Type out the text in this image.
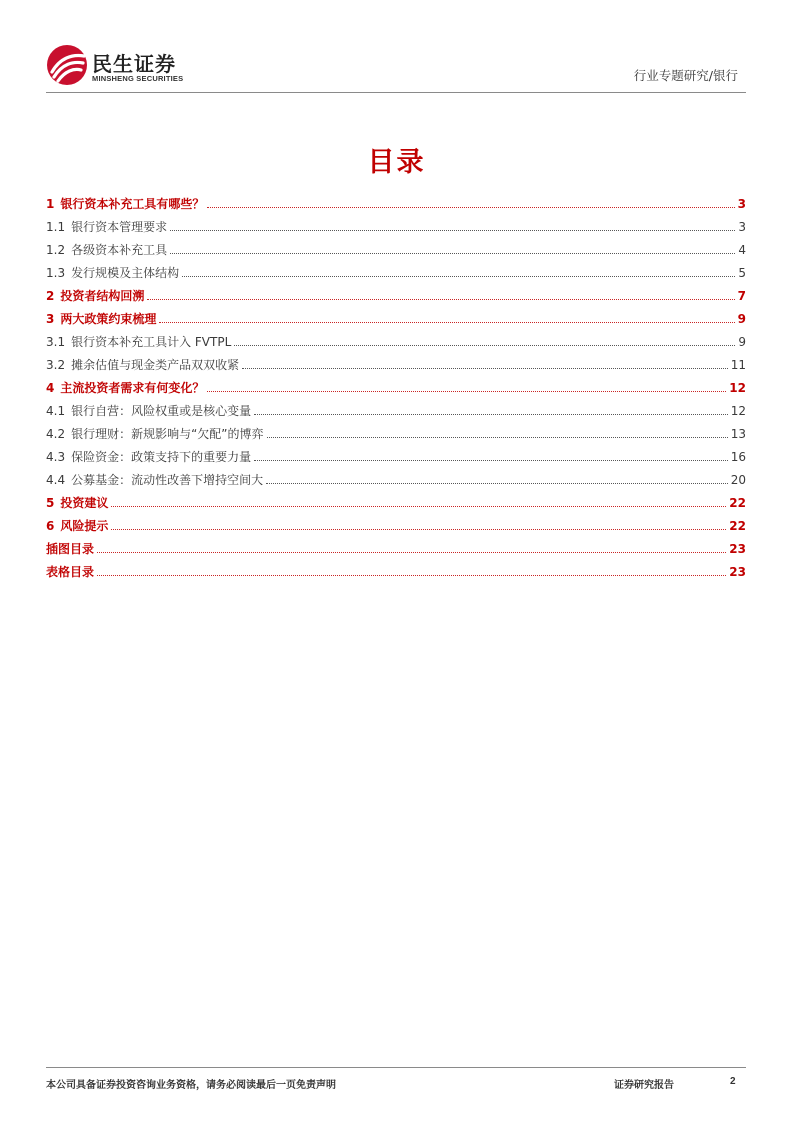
民生证券
MINSHENG SECURITIES	行业专题研究/银行
目录
1 银行资本补充工具有哪些？	3
1.1 银行资本管理要求	3
1.2 各级资本补充工具	4
1.3 发行规模及主体结构	5
2 投资者结构回溯	7
3 两大政策约束梳理	9
3.1 银行资本补充工具计入 FVTPL	9
3.2 摊余估值与现金类产品双双收紧	11
4 主流投资者需求有何变化？	12
4.1 银行自营：风险权重或是核心变量	12
4.2 银行理财：新规影响与“欠配”的博弈	13
4.3 保险资金：政策支持下的重要力量	16
4.4 公募基金：流动性改善下增持空间大	20
5 投资建议	22
6 风险提示	22
插图目录	23
表格目录	23
本公司具备证券投资咨询业务资格，请务必阅读最后一页免责声明	证券研究报告	2
